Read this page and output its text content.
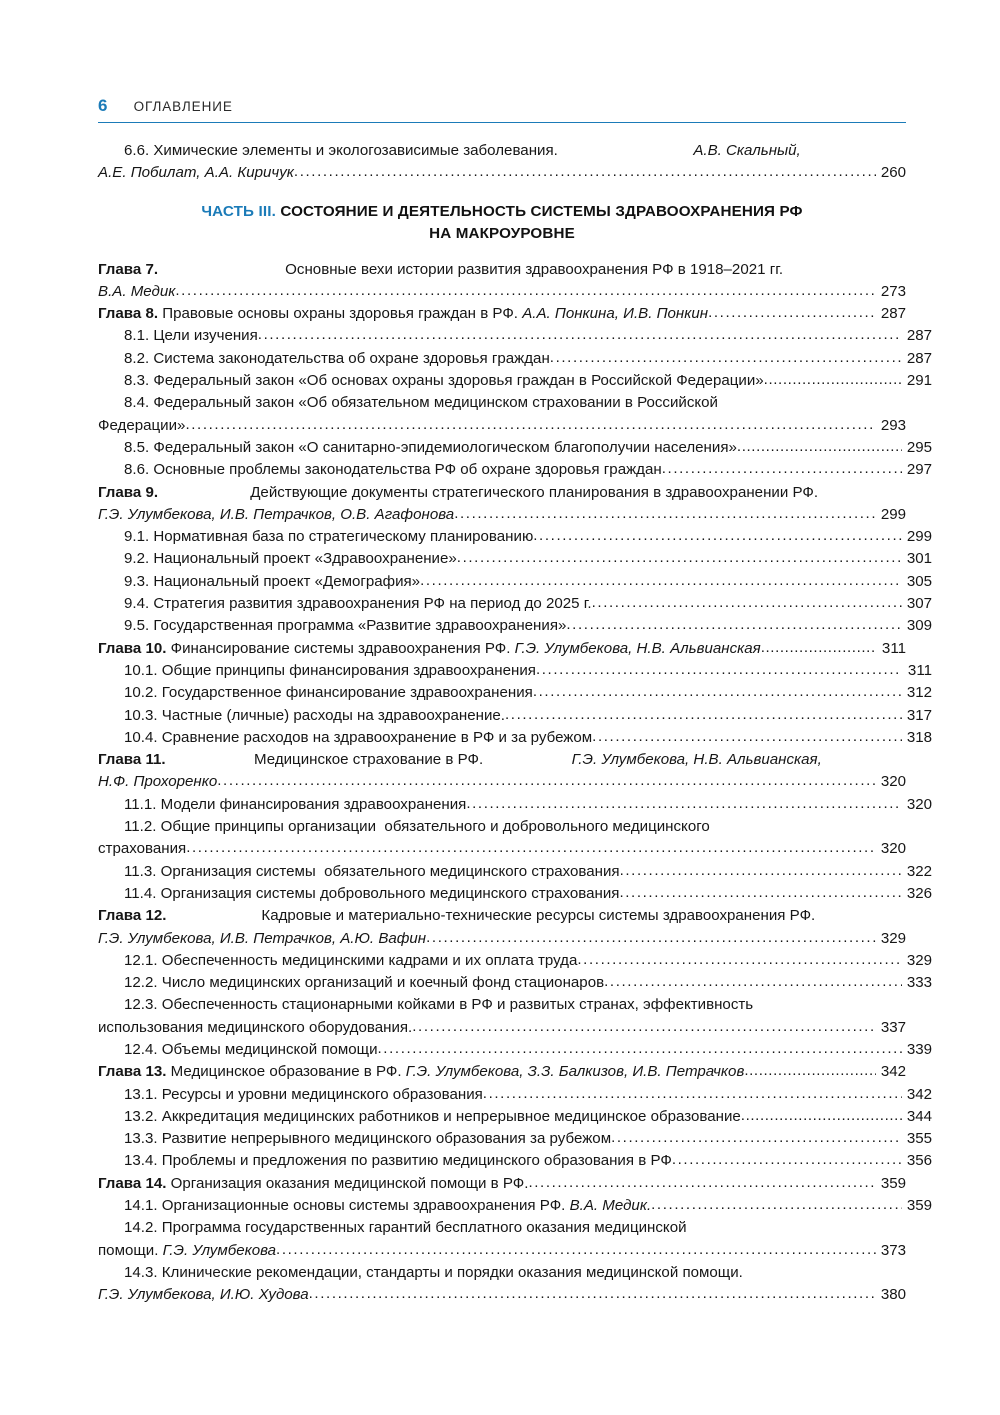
6 ОГЛАВЛЕНИЕ
6.6. Химические элементы и экологозависимые заболевания.	А.В. Скальный,
А.Е. Побилат, А.А. Киричук .....	260
ЧАСТЬ III. СОСТОЯНИЕ И ДЕЯТЕЛЬНОСТЬ СИСТЕМЫ ЗДРАВООХРАНЕНИЯ РФ
НА МАКРОУРОВНЕ
Глава 7.	Основные вехи истории развития здравоохранения РФ в 1918–2021 гг.
В.А. Медик .....	273
Глава 8. Правовые основы охраны здоровья граждан в РФ. А.А. Понкина, И.В. Понкин .....	287
8.1. Цели изучения .....	287
8.2. Система законодательства об охране здоровья граждан .....	287
8.3. Федеральный закон «Об основах охраны здоровья граждан в Российской Федерации» .....	291
8.4. Федеральный закон «Об обязательном медицинском страховании в Российской
Федерации» .....	293
8.5. Федеральный закон «О санитарно-эпидемиологическом благополучии населения» .....	295
8.6. Основные проблемы законодательства РФ об охране здоровья граждан .....	297
Глава 9.	Действующие документы стратегического планирования в здравоохранении РФ.
Г.Э. Улумбекова, И.В. Петрачков, О.В. Агафонова .....	299
9.1. Нормативная база по стратегическому планированию .....	299
9.2. Национальный проект «Здравоохранение» .....	301
9.3. Национальный проект «Демография» .....	305
9.4. Стратегия развития здравоохранения РФ на период до 2025 г. .....	307
9.5. Государственная программа «Развитие здравоохранения» .....	309
Глава 10. Финансирование системы здравоохранения РФ. Г.Э. Улумбекова, Н.В. Альвианская .....	311
10.1. Общие принципы финансирования здравоохранения .....	311
10.2. Государственное финансирование здравоохранения .....	312
10.3. Частные (личные) расходы на здравоохранение. .....	317
10.4. Сравнение расходов на здравоохранение в РФ и за рубежом .....	318
Глава 11.	Медицинское страхование в РФ.	Г.Э. Улумбекова, Н.В. Альвианская,
Н.Ф. Прохоренко .....	320
11.1. Модели финансирования здравоохранения .....	320
11.2. Общие принципы организации  обязательного и добровольного медицинского
страхования .....	320
11.3. Организация системы  обязательного медицинского страхования .....	322
11.4. Организация системы добровольного медицинского страхования .....	326
Глава 12.	Кадровые и материально-технические ресурсы системы здравоохранения РФ.
Г.Э. Улумбекова, И.В. Петрачков, А.Ю. Вафин .....	329
12.1. Обеспеченность медицинскими кадрами и их оплата труда .....	329
12.2. Число медицинских организаций и коечный фонд стационаров .....	333
12.3. Обеспеченность стационарными койками в РФ и развитых странах, эффективность
использования медицинского оборудования. .....	337
12.4. Объемы медицинской помощи .....	339
Глава 13. Медицинское образование в РФ. Г.Э. Улумбекова, З.З. Балкизов, И.В. Петрачков .....	342
13.1. Ресурсы и уровни медицинского образования .....	342
13.2. Аккредитация медицинских работников и непрерывное медицинское образование .....	344
13.3. Развитие непрерывного медицинского образования за рубежом .....	355
13.4. Проблемы и предложения по развитию медицинского образования в РФ .....	356
Глава 14. Организация оказания медицинской помощи в РФ. .....	359
14.1. Организационные основы системы здравоохранения РФ. В.А. Медик. .....	359
14.2. Программа государственных гарантий бесплатного оказания медицинской
помощи. Г.Э. Улумбекова .....	373
14.3. Клинические рекомендации, стандарты и порядки оказания медицинской помощи.
Г.Э. Улумбекова, И.Ю. Худова .....	380
